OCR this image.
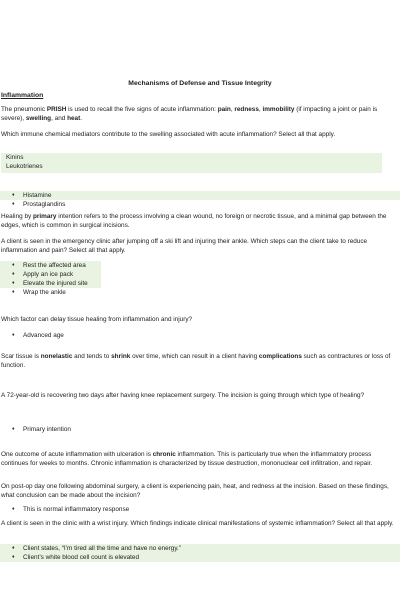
Mechanisms of Defense and Tissue Integrity
Inflammation

The pneumonic PRISH is used to recall the five signs of acute inflammation: pain, redness, immobility (if impacting a joint or pain is severe), swelling, and heat.

Which immune chemical mediators contribute to the swelling associated with acute inflammation? Select all that apply.

Kinins
Leukotrienes
♦ Histamine
♦ Prostaglandins

Healing by primary intention refers to the process involving a clean wound, no foreign or necrotic tissue, and a minimal gap between the edges, which is common in surgical incisions.

A client is seen in the emergency clinic after jumping off a ski lift and injuring their ankle. Which steps can the client take to reduce inflammation and pain? Select all that apply.

♦ Rest the affected area
♦ Apply an ice pack
♦ Elevate the injured site
♦ Wrap the ankle

Which factor can delay tissue healing from inflammation and injury?

♦ Advanced age

Scar tissue is nonelastic and tends to shrink over time, which can result in a client having complications such as contractures or loss of function.

A 72-year-old is recovering two days after having knee replacement surgery. The incision is going through which type of healing?

♦ Primary intention

One outcome of acute inflammation with ulceration is chronic inflammation. This is particularly true when the inflammatory process continues for weeks to months. Chronic inflammation is characterized by tissue destruction, mononuclear cell infiltration, and repair.

On post-op day one following abdominal surgery, a client is experiencing pain, heat, and redness at the incision. Based on these findings, what conclusion can be made about the incision?

♦ This is normal inflammatory response

A client is seen in the clinic with a wrist injury. Which findings indicate clinical manifestations of systemic inflammation? Select all that apply.

♦ Client states, “I’m tired all the time and have no energy.”
♦ Client’s white blood cell count is elevated
